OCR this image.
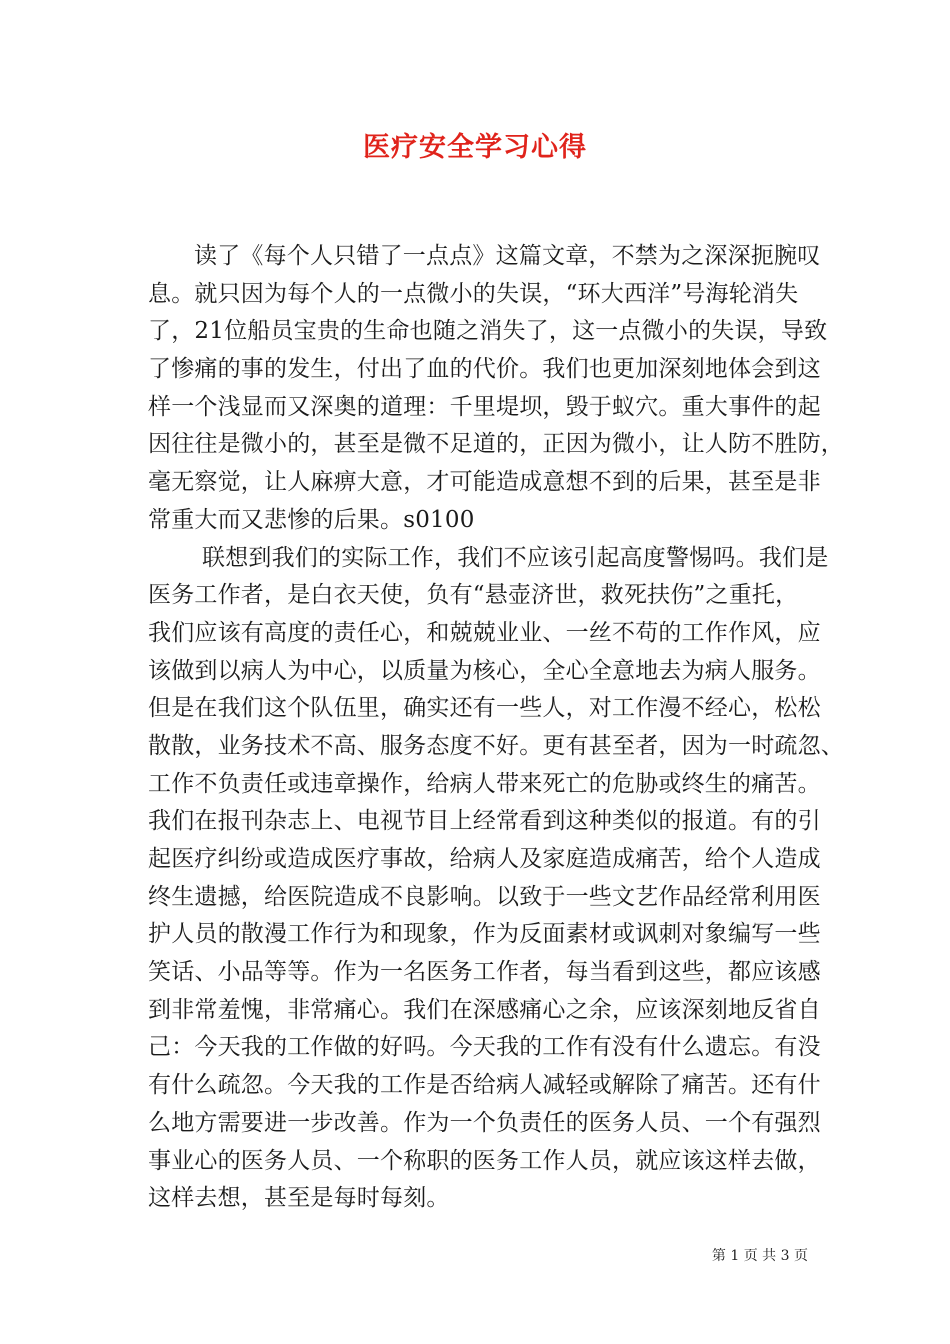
医疗安全学习心得
读了《每个人只错了一点点》这篇文章，不禁为之深深扼腕叹
息。就只因为每个人的一点微小的失误，“环大西洋”号海轮消失
了，21位船员宝贵的生命也随之消失了，这一点微小的失误，导致
了惨痛的事的发生，付出了血的代价。我们也更加深刻地体会到这
样一个浅显而又深奥的道理：千里堤坝，毁于蚁穴。重大事件的起
因往往是微小的，甚至是微不足道的，正因为微小，让人防不胜防，
毫无察觉，让人麻痹大意，才可能造成意想不到的后果，甚至是非
常重大而又悲惨的后果。s0100
联想到我们的实际工作，我们不应该引起高度警惕吗。我们是
医务工作者，是白衣天使，负有“悬壶济世，救死扶伤”之重托，
我们应该有高度的责任心，和兢兢业业、一丝不苟的工作作风，应
该做到以病人为中心，以质量为核心，全心全意地去为病人服务。
但是在我们这个队伍里，确实还有一些人，对工作漫不经心，松松
散散，业务技术不高、服务态度不好。更有甚至者，因为一时疏忽、
工作不负责任或违章操作，给病人带来死亡的危胁或终生的痛苦。
我们在报刊杂志上、电视节目上经常看到这种类似的报道。有的引
起医疗纠纷或造成医疗事故，给病人及家庭造成痛苦，给个人造成
终生遗撼，给医院造成不良影响。以致于一些文艺作品经常利用医
护人员的散漫工作行为和现象，作为反面素材或讽刺对象编写一些
笑话、小品等等。作为一名医务工作者，每当看到这些，都应该感
到非常羞愧，非常痛心。我们在深感痛心之余，应该深刻地反省自
己：今天我的工作做的好吗。今天我的工作有没有什么遗忘。有没
有什么疏忽。今天我的工作是否给病人减轻或解除了痛苦。还有什
么地方需要进一步改善。作为一个负责任的医务人员、一个有强烈
事业心的医务人员、一个称职的医务工作人员，就应该这样去做，
这样去想，甚至是每时每刻。
第 1 页 共 3 页
